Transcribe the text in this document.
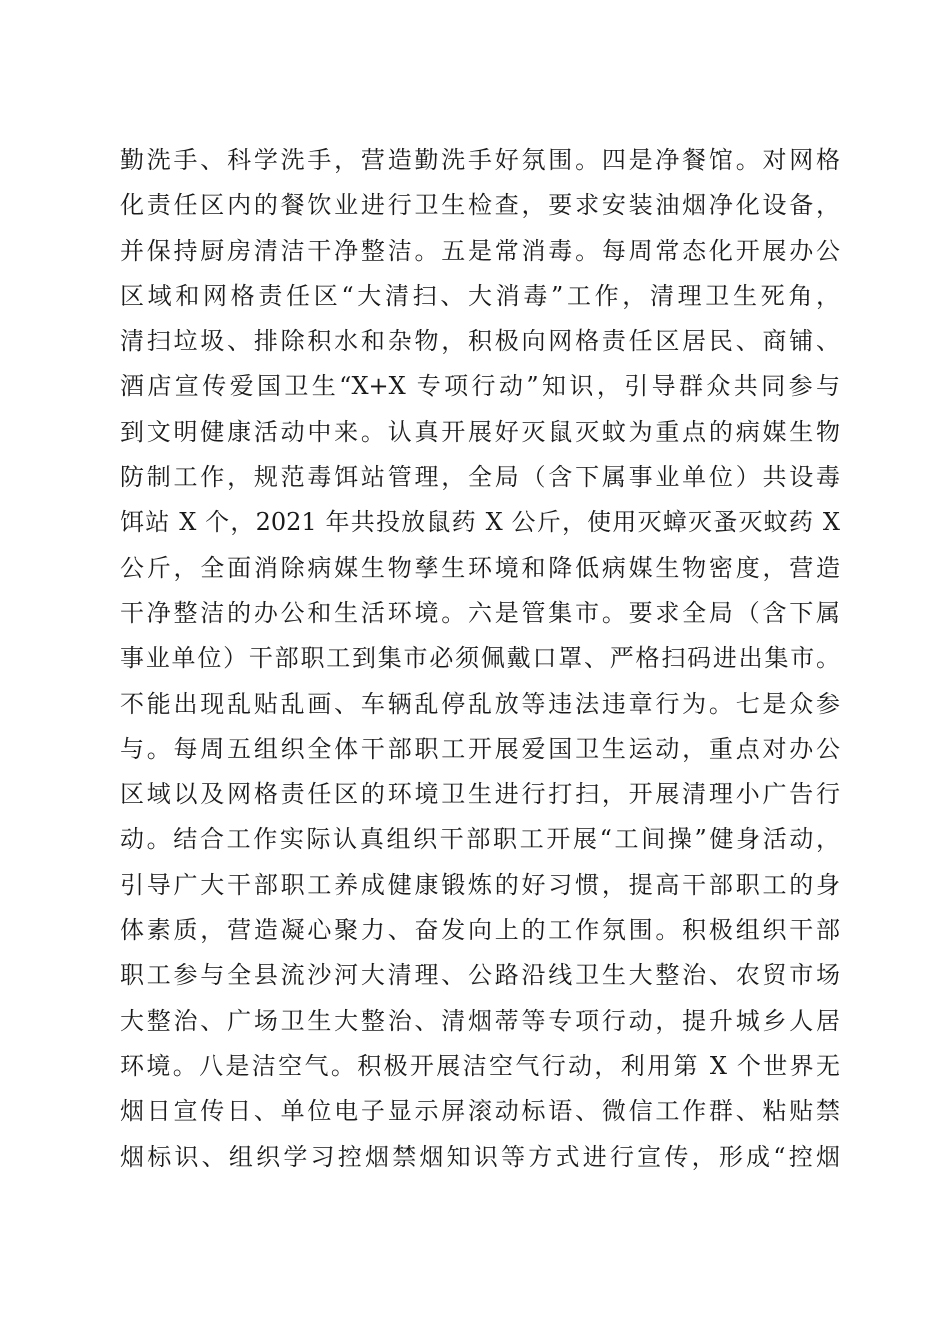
勤洗手、科学洗手，营造勤洗手好氛围。四是净餐馆。对网格
化责任区内的餐饮业进行卫生检查，要求安装油烟净化设备，
并保持厨房清洁干净整洁。五是常消毒。每周常态化开展办公
区域和网格责任区“大清扫、大消毒”工作，清理卫生死角，
清扫垃圾、排除积水和杂物，积极向网格责任区居民、商铺、
酒店宣传爱国卫生“X+X 专项行动”知识，引导群众共同参与
到文明健康活动中来。认真开展好灭鼠灭蚊为重点的病媒生物
防制工作，规范毒饵站管理，全局（含下属事业单位）共设毒
饵站 X 个，2021 年共投放鼠药 X 公斤，使用灭蟑灭蚤灭蚊药 X
公斤，全面消除病媒生物孳生环境和降低病媒生物密度，营造
干净整洁的办公和生活环境。六是管集市。要求全局（含下属
事业单位）干部职工到集市必须佩戴口罩、严格扫码进出集市。
不能出现乱贴乱画、车辆乱停乱放等违法违章行为。七是众参
与。每周五组织全体干部职工开展爱国卫生运动，重点对办公
区域以及网格责任区的环境卫生进行打扫，开展清理小广告行
动。结合工作实际认真组织干部职工开展“工间操”健身活动，
引导广大干部职工养成健康锻炼的好习惯，提高干部职工的身
体素质，营造凝心聚力、奋发向上的工作氛围。积极组织干部
职工参与全县流沙河大清理、公路沿线卫生大整治、农贸市场
大整治、广场卫生大整治、清烟蒂等专项行动，提升城乡人居
环境。八是洁空气。积极开展洁空气行动，利用第 X 个世界无
烟日宣传日、单位电子显示屏滚动标语、微信工作群、粘贴禁
烟标识、组织学习控烟禁烟知识等方式进行宣传，形成“控烟
